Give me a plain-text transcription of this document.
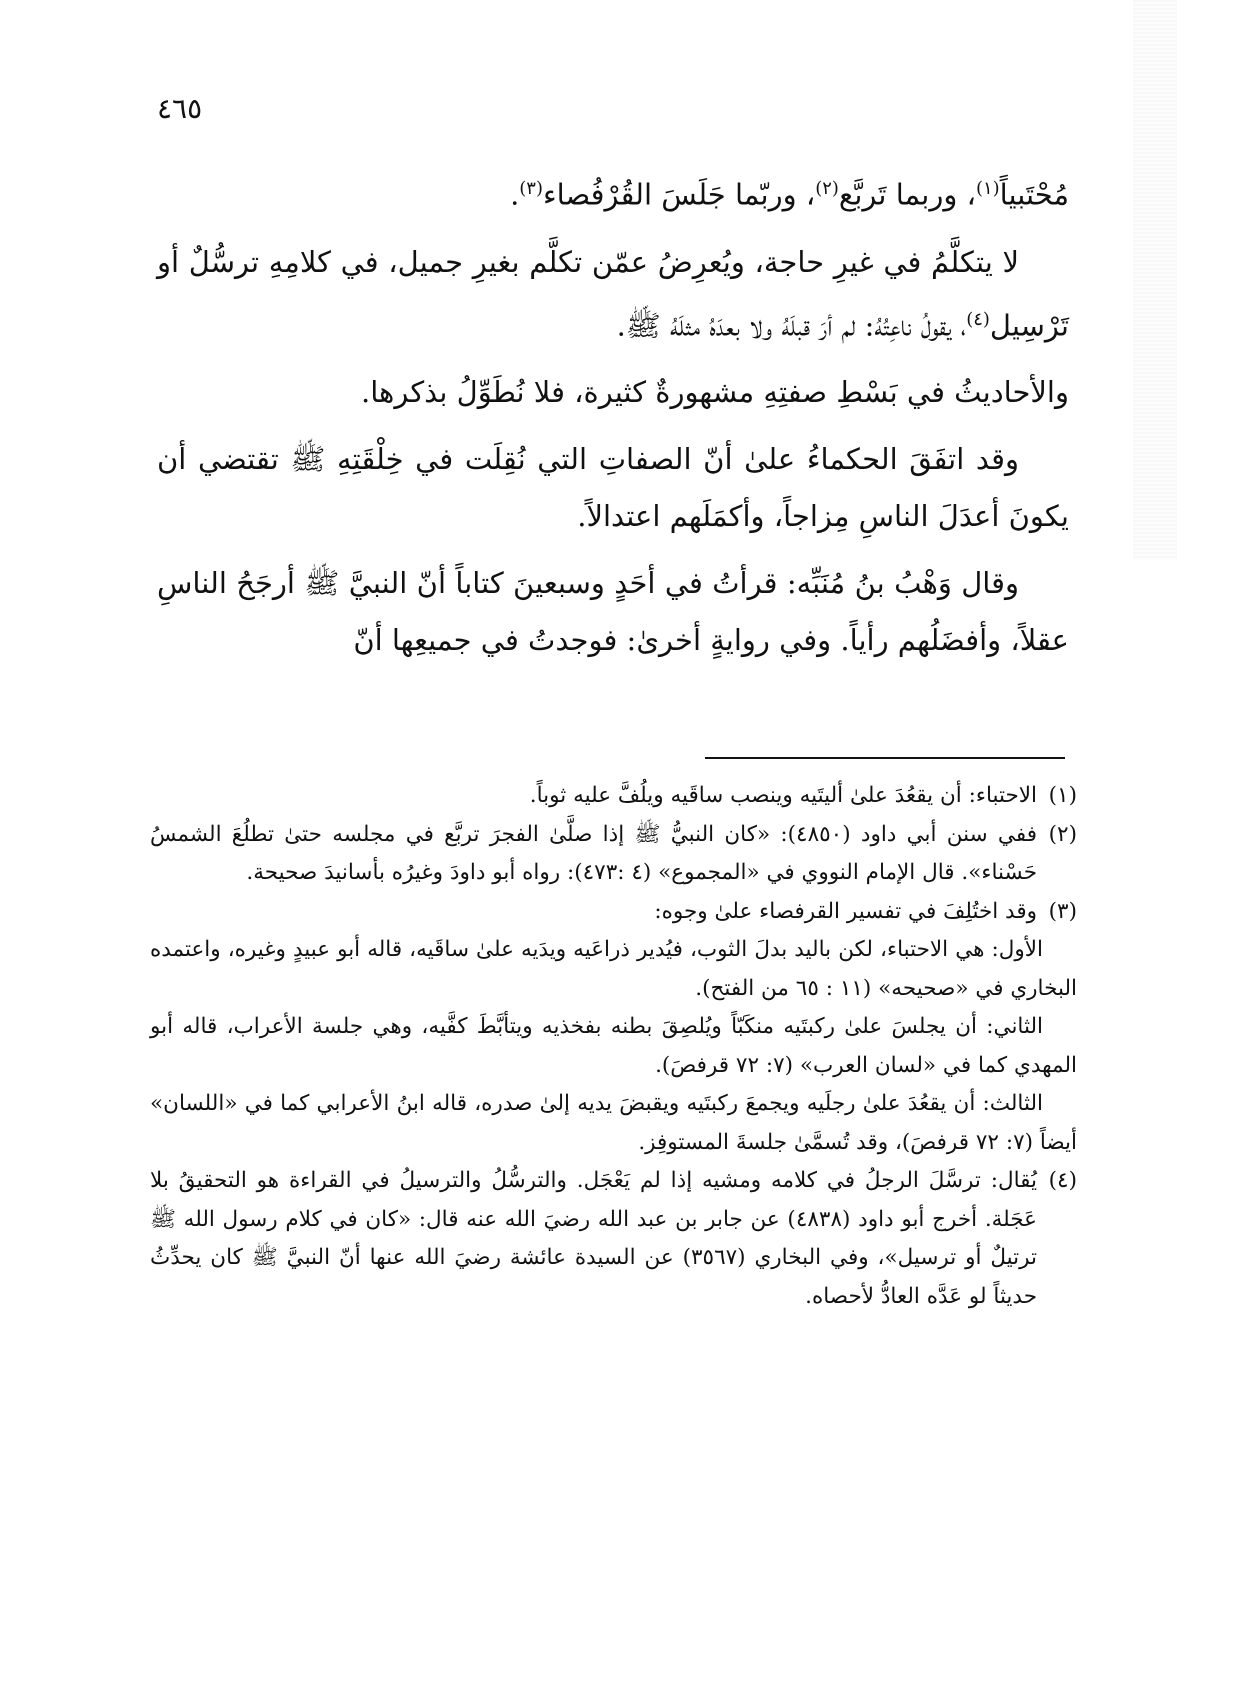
٤٦٥

مُحْتَبياً$^{(١)}$، وربما تَربَّع$^{(٢)}$، وربّما جَلَسَ القُرْفُصاء$^{(٣)}$.

لا يتكلَّمُ في غيرِ حاجة، ويُعرِضُ عمّن تكلَّم بغيرِ جميل، في كلامِهِ ترسُّلٌ أو تَرْسِيل$^{(٤)}$، يقولُ ناعِتُهُ: لم أرَ قبلَهُ ولا بعدَهُ مثلَهُ ﷺ.

والأحاديثُ في بَسْطِ صفتِهِ مشهورةٌ كثيرة، فلا نُطَوِّلُ بذكرها.

وقد اتفَقَ الحكماءُ علىٰ أنّ الصفاتِ التي نُقِلَت في خِلْقَتِهِ ﷺ تقتضي أن يكونَ أعدَلَ الناسِ مِزاجاً، وأكمَلَهم اعتدالاً.

وقال وَهْبُ بنُ مُنَبِّه: قرأتُ في أحَدٍ وسبعينَ كتاباً أنّ النبيَّ ﷺ أرجَحُ الناسِ عقلاً، وأفضَلُهم رأياً. وفي روايةٍ أخرىٰ: فوجدتُ في جميعِها أنّ

(١)

الاحتباء: أن يقعُدَ علىٰ أليتَيه وينصب ساقَيه ويلُفَّ عليه ثوباً.

(٢)

ففي سنن أبي داود (٤٨٥٠): «كان النبيُّ ﷺ إذا صلَّىٰ الفجرَ تربَّع في مجلسه حتىٰ تطلُعَ الشمسُ حَسْناء». قال الإمام النووي في «المجموع» (٤ :٤٧٣): رواه أبو داودَ وغيرُه بأسانيدَ صحيحة.

(٣)

وقد اختُلِفَ في تفسير القرفصاء علىٰ وجوه:

الأول: هي الاحتباء، لكن باليد بدلَ الثوب، فيُدير ذراعَيه ويدَيه علىٰ ساقَيه، قاله أبو عبيدٍ وغيره، واعتمده البخاري في «صحيحه» (١١ : ٦٥ من الفتح).

الثاني: أن يجلسَ علىٰ ركبتَيه منكَبّاً ويُلصِقَ بطنه بفخذيه ويتأبَّطَ كفَّيه، وهي جلسة الأعراب، قاله أبو المهدي كما في «لسان العرب» (٧: ٧٢ قرفصَ).

الثالث: أن يقعُدَ علىٰ رجلَيه ويجمعَ ركبتَيه ويقبضَ يديه إلىٰ صدره، قاله ابنُ الأعرابي كما في «اللسان» أيضاً (٧: ٧٢ قرفصَ)، وقد تُسمَّىٰ جلسةَ المستوفِز.

(٤)

يُقال: ترسَّلَ الرجلُ في كلامه ومشيه إذا لم يَعْجَل. والترسُّلُ والترسيلُ في القراءة هو التحقيقُ بلا عَجَلة. أخرج أبو داود (٤٨٣٨) عن جابر بن عبد الله رضيَ الله عنه قال: «كان في كلام رسول الله ﷺ ترتيلٌ أو ترسيل»، وفي البخاري (٣٥٦٧) عن السيدة عائشة رضيَ الله عنها أنّ النبيَّ ﷺ كان يحدِّثُ حديثاً لو عَدَّه العادُّ لأحصاه.
